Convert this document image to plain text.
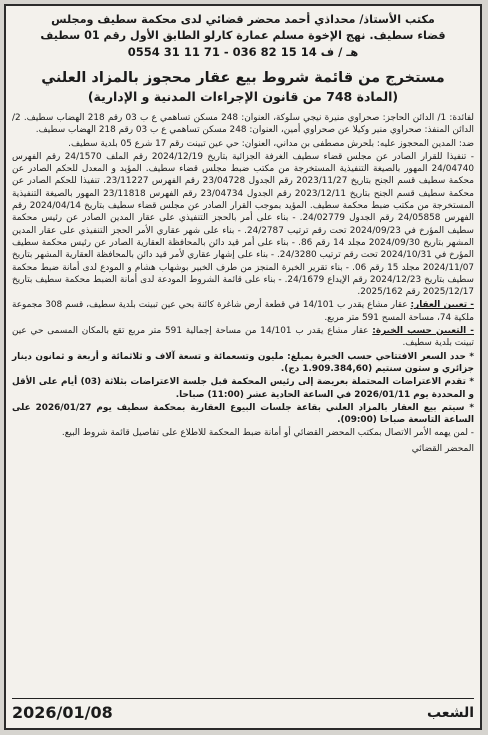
مكتب الأستاذ/ محداذي أحمد محضر قضائي لدى محكمة سطيف ومجلس
قضاء سطيف. نهج الإخوة مسلم عمارة كارلو الطابق الأول رقم 01 سطيف
هـ / ف 14 15 82 036 - 71 11 31 0554
مستخرج من قائمة شروط بيع عقار محجوز بالمزاد العلني
(المادة 748 من قانون الإجراءات المدنية و الإدارية)

لفائدة: 1/ الدائن الحاجز: صحراوي منيرة نيجي سلوكة، العنوان: 248 مسكن تساهمي ع ب 03 رقم 218 الهضاب سطيف. 2/ الدائن المنفذ: صحراوي منير وكيلا عن صحراوي أمين، العنوان: 248 مسكن تساهمي ع ب 03 رقم 218 الهضاب سطيف.

ضد: المدين المحجوز عليه: بلحرش مصطفى بن مداني، العنوان: حي عين تبينت رقم 17 شرع 05 بلدية سطيف.

- تنفيذا للقرار الصادر عن مجلس قضاء سطيف الغرفة الجزائية بتاريخ 2024/12/19 رقم الملف 24/1570 رقم الفهرس 24/04740 المهور بالصيغة التنفيذية المستخرجة من مكتب ضبط مجلس قضاء سطيف. المؤيد و المعدل للحكم الصادر عن محكمة سطيف قسم الجنح بتاريخ 2023/11/27 رقم الجدول 23/04728 رقم الفهرس 23/11227. تنفيذا للحكم الصادر عن محكمة سطيف قسم الجنح بتاريخ 2023/12/11 رقم الجدول 23/04734 رقم الفهرس 23/11818 المهور بالصيغة التنفيذية المستخرجة من مكتب ضبط محكمة سطيف. المؤيد بموجب القرار الصادر عن مجلس قضاء سطيف بتاريخ 2024/04/14 رقم الفهرس 24/05858 رقم الجدول 24/02779. - بناء على أمر بالحجز التنفيذي على عقار المدين الصادر عن رئيس محكمة سطيف المؤرخ في 2024/09/23 تحت رقم ترتيب 24/2787. - بناء على شهر عقاري الأمر الحجز التنفيذي على عقار المدين المشهر بتاريخ 2024/09/30 مجلد 14 رقم 86. - بناء على أمر قيد دائن بالمحافظة العقارية الصادر عن رئيس محكمة سطيف المؤرخ في 2024/10/31 تحت رقم ترتيب 24/3280. - بناء على إشهار عقاري لأمر قيد دائن بالمحافظة العقارية المشهر بتاريخ 2024/11/07 مجلد 15 رقم 06. - بناء تقرير الخبرة المنجز من طرف الخبير بوشهاب هشام و المودع لدى أمانة ضبط محكمة سطيف بتاريخ 2024/12/23 رقم الإيداع 24/1679. - بناء على قائمة الشروط المودعة لدى أمانة الضبط محكمة سطيف بتاريخ 2025/12/17 رقم 2025/162.

- تعيين العقار: عقار مشاع يقدر ب 14/101 في قطعة أرض شاغرة كائنة بحي عين تبينت بلدية سطيف، قسم 308 مجموعة ملكية 74، مساحة المسح 591 متر مربع.

- التعيين حسب الخبرة: عقار مشاع يقدر ب 14/101 من مساحة إجمالية 591 متر مربع تقع بالمكان المسمى حي عين تبينت بلدية سطيف.

* حدد السعر الافتتاحي حسب الخبرة بمبلغ: مليون وتسعمائة و تسعة آلاف و ثلاثمائة و أربعة و ثمانون دينار جزائري و ستون سنتيم (1.909.384,60 دج).

* تقدم الاعتراضات المحتملة بعريضة إلى رئيس المحكمة قبل جلسة الاعتراضات بثلاثة (03) أيام على الأقل و المحددة يوم 2026/01/11 في الساعة الحادية عشر (11:00) صباحا.

* سيتم بيع العقار بالمزاد العلني بقاعة جلسات البيوع العقارية بمحكمة سطيف يوم 2026/01/27 على الساعة التاسعة صباحا (09:00).

- لمن يهمه الأمر الاتصال بمكتب المحضر القضائي أو أمانة ضبط المحكمة للاطلاع على تفاصيل قائمة شروط البيع.

المحضر القضائي
الشعب
2026/01/08
